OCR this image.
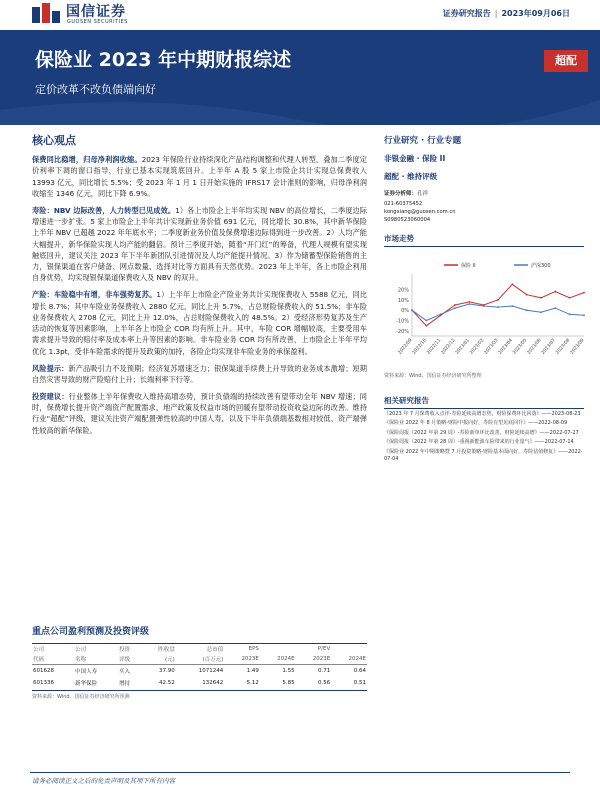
国信证券
GUOSEN SECURITIES
证券研究报告 | 2023年09月06日
保险业 2023 年中期财报综述
定价改革不改负债端向好
超配
核心观点

保费同比稳增，归母净利润收缩。2023 年保险行业持续深化产品结构调整和代理人转型，叠加二季度定价利率下调的窗口指导，行业已基本实现筑底回升。上半年 A 股 5 家上市险企共计实现总保费收入 13993 亿元，同比增长 5.5%；受 2023 年 1 月 1 日开始实施的 IFRS17 会计准则的影响，归母净利润收缩至 1346 亿元，同比下降 6.9%。

寿险：NBV 边际改善，人力转型已见成效。1）各上市险企上半年均实现 NBV 的高位增长，二季度边际增速进一步扩张。5 家上市险企上半年共计实现新业务价值 691 亿元，同比增长 30.8%，其中新华保险上半年 NBV 已超越 2022 年年底水平；二季度新业务价值及保费增速边际得到进一步改善。2）人均产能大幅提升，新华保险实现人均产能的翻倍。预计三季度开始，随着“开门红”的筹备，代理人规模有望实现触底回升，建议关注 2023 年下半年新团队引进情况及人均产能提升情况。3）作为储蓄型保险销售的主力，银保渠道在客户储备、网点数量、选择对比等方面具有天然优势。2023 年上半年，各上市险企利用自身优势，均实现银保渠道保费收入及 NBV 的双升。

产险：车险稳中有增，非车强势复苏。1）上半年上市险企产险业务共计实现保费收入 5588 亿元，同比增长 8.7%；其中车险业务保费收入 2880 亿元，同比上升 5.7%，占总财险保费收入的 51.5%；非车险业务保费收入 2708 亿元，同比上升 12.0%，占总财险保费收入的 48.5%。2）受经济形势复苏及生产活动的恢复等因素影响，上半年各上市险企 COR 均有所上升。其中，车险 COR 增幅较高，主要受用车需求提升导致的赔付率及成本率上升等因素的影响。非车险业务 COR 均有所改善，上市险企上半年平均优化 1.3pt，受非车险需求的提升及政策的加持，各险企均实现非车险业务的承保盈利。

风险提示：新产品吸引力不及预期；经济复苏增速乏力；银保渠道手续费上升导致的业务成本激增；短期自然灾害导致的财产险赔付上升；长端利率下行等。

投资建议：行业整体上半年保费收入维持高增态势，预计负债端的持续改善有望带动全年 NBV 增速；同时，保费增长提升资产端资产配置需求，地产政策及权益市场的回暖有望带动投资收益边际的改善。维持行业“超配”评级，建议关注资产端配置弹性较高的中国人寿，以及下半年负债端基数相对较低、资产端弹性较高的新华保险。

重点公司盈利预测及投资评级
公司	公司	投资	昨收盘	总市值	EPS		P/EV	
代码	名称	评级	(元)	(百万元)	2023E	2024E	2023E	2024E
601628	中国人寿	买入	37.90	1071244	1.49	1.55	0.71	0.64
601336	新华保险	增持	42.52	132642	5.12	5.85	0.56	0.51
资料来源：Wind、国信证券经济研究所预测
行业研究 · 行业专题
非银金融 · 保险 II
超配 · 维持评级
证券分析师：孔祥
021-60375452
kongxiang@guosen.com.cn
S0980523060004
市场走势
20%
10%
0%
-10%
-20%
2022/09
2022/10
2022/11
2022/12
2023/01
2023/02
2023/03
2023/04
2023/05
2023/06
2023/07
2023/08
2023/09
保险 II	沪深300
资料来源：Wind、国信证券经济研究所整理
相关研究报告
《2023 年 7 月保费收入点评-寿险延续高增态势，财险保费环比回落》——2023-08-23
《保险业 2022 年 8 月策略-财险中报向好，寿险有望见底回升》——2022-08-09
《保险周报（2022 年第 29 周）-寿险新单环比改善，财险延续高增》——2022-07-27
《保险周报（2022 年第 28 周）-重视新能源车险带来的行业量气》——2022-07-14
《保险业 2022 年中期策略暨 7 月投资策略-财险基本面向好，寿险估值修复》——2022-07-04
请务必阅读正文之后的免责声明及其项下所有内容
